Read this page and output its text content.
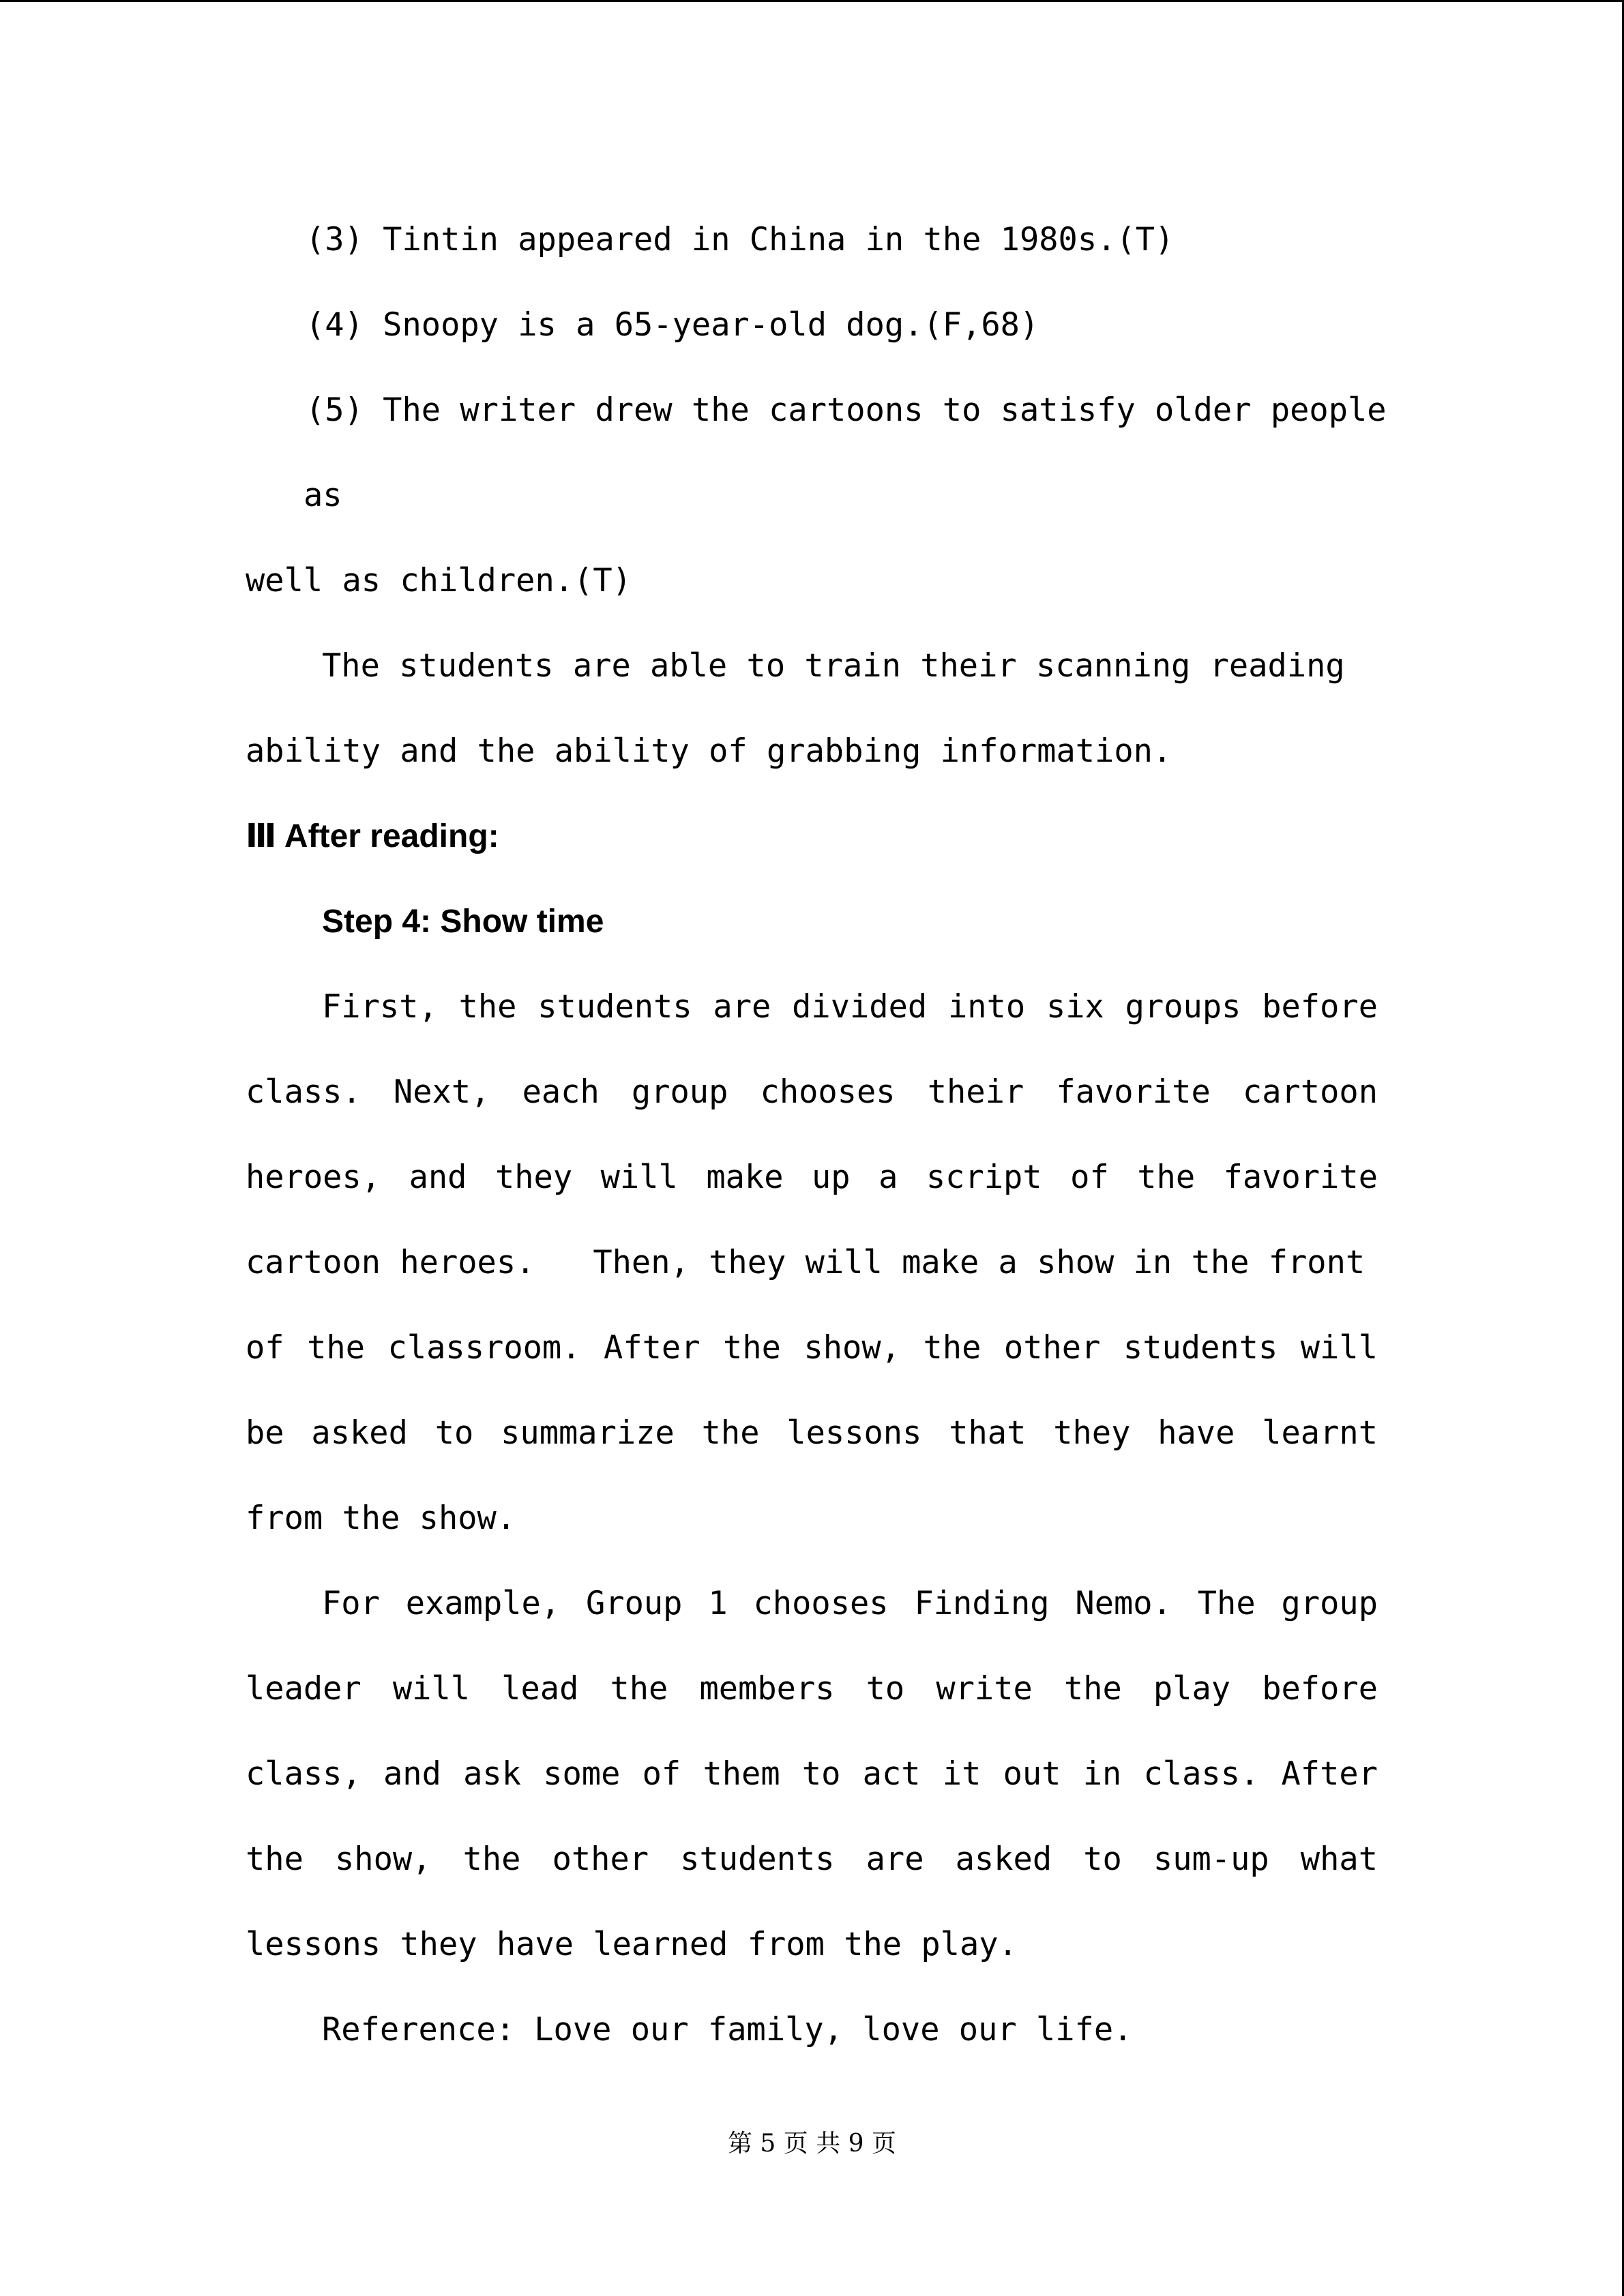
(3) Tintin appeared in China in the 1980s.(T)
(4) Snoopy is a 65-year-old dog.(F,68)
(5) The writer drew the cartoons to satisfy older people
as
well as children.(T)
The students are able to train their scanning reading
ability and the ability of grabbing information.
Ⅲ After reading:
Step 4: Show time
First, the students are divided into six groups before
class. Next, each group chooses their favorite cartoon
heroes, and they will make up a script of the favorite
cartoon heroes.   Then, they will make a show in the front
of the classroom. After the show, the other students will
be asked to summarize the lessons that they have learnt
from the show.
For example, Group 1 chooses Finding Nemo. The group
leader will lead the members to write the play before
class, and ask some of them to act it out in class. After
the show, the other students are asked to sum-up what
lessons they have learned from the play.
Reference: Love our family, love our life.
第 5 页 共 9 页
